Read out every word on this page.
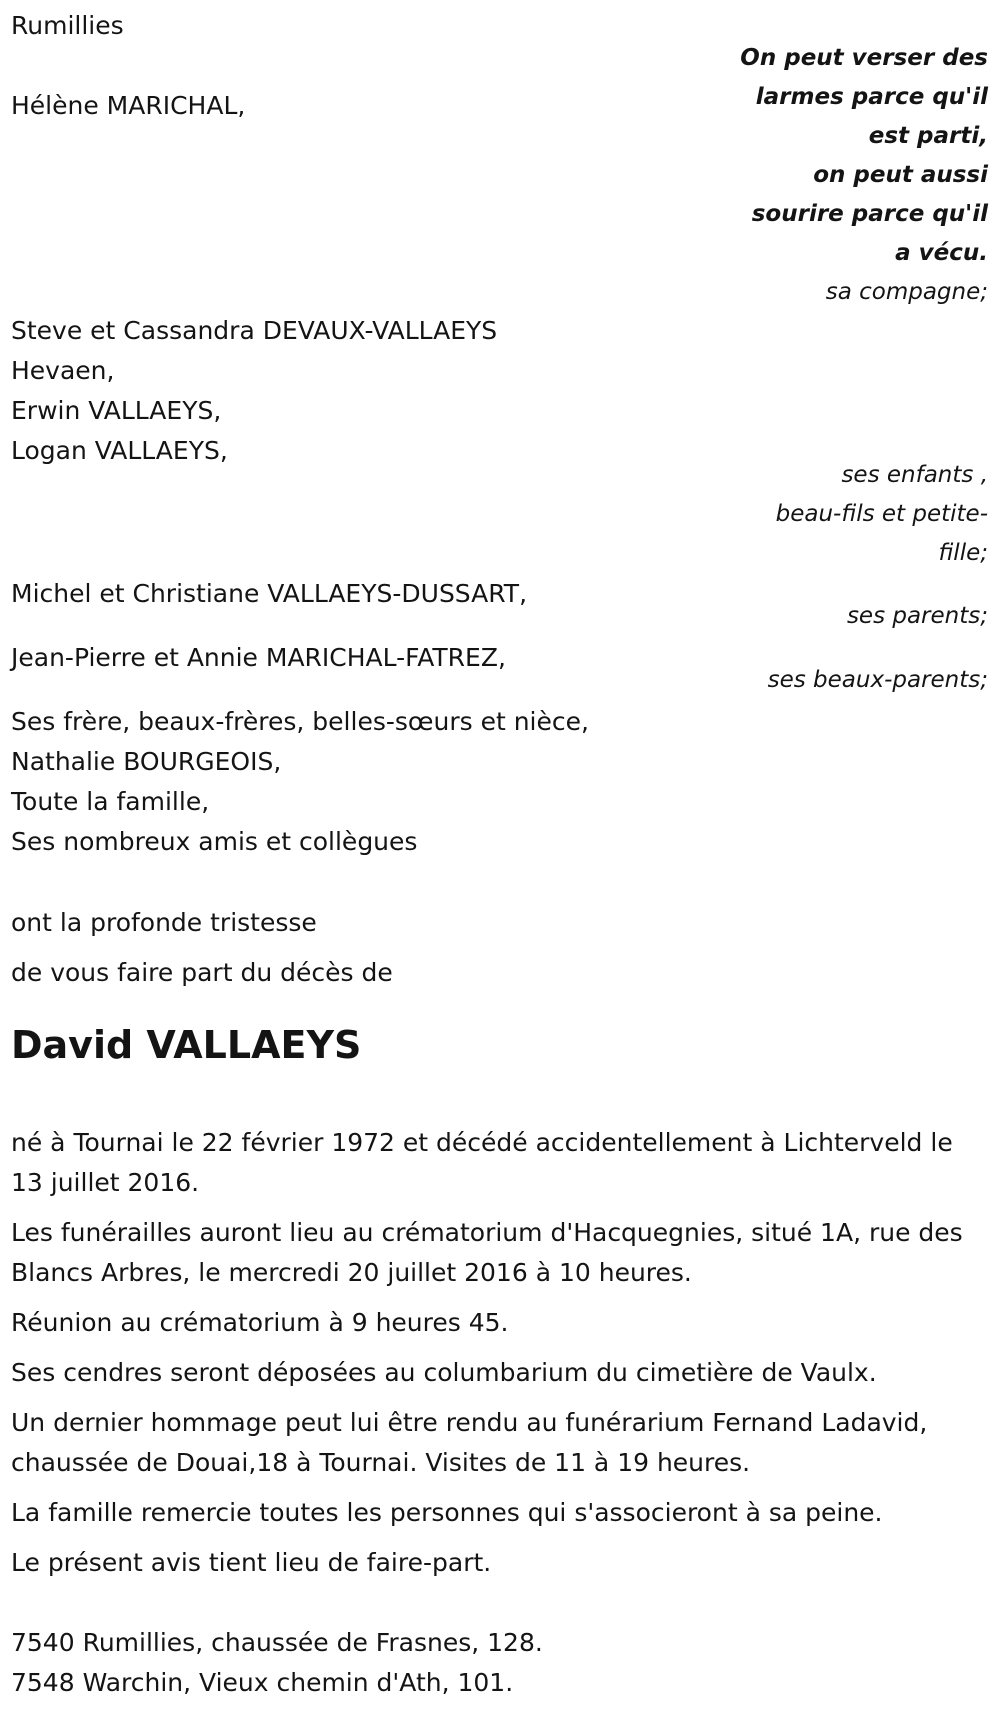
Rumillies

Hélène MARICHAL,

On peut verser des
larmes parce qu'il
est parti,
on peut aussi
sourire parce qu'il
a vécu.

sa compagne;

Steve et Cassandra DEVAUX-VALLAEYS

Hevaen,

Erwin VALLAEYS,

Logan VALLAEYS,

ses enfants ,

beau-fils et petite-

fille;

Michel et Christiane VALLAEYS-DUSSART,

ses parents;

Jean-Pierre et Annie MARICHAL-FATREZ,

ses beaux-parents;

Ses frère, beaux-frères, belles-sœurs et nièce,

Nathalie BOURGEOIS,

Toute la famille,

Ses nombreux amis et collègues

ont la profonde tristesse

de vous faire part du décès de

David VALLAEYS

né à Tournai le 22 février 1972 et décédé accidentellement à Lichterveld le 13 juillet 2016.

Les funérailles auront lieu au crématorium d'Hacquegnies, situé 1A, rue des Blancs Arbres, le mercredi 20 juillet 2016 à 10 heures.

Réunion au crématorium à 9 heures 45.

Ses cendres seront déposées au columbarium du cimetière de Vaulx.

Un dernier hommage peut lui être rendu au funérarium Fernand Ladavid, chaussée de Douai,18 à Tournai. Visites de 11 à 19 heures.

La famille remercie toutes les personnes qui s'associeront à sa peine.

Le présent avis tient lieu de faire-part.

7540 Rumillies, chaussée de Frasnes, 128.

7548 Warchin, Vieux chemin d'Ath, 101.
